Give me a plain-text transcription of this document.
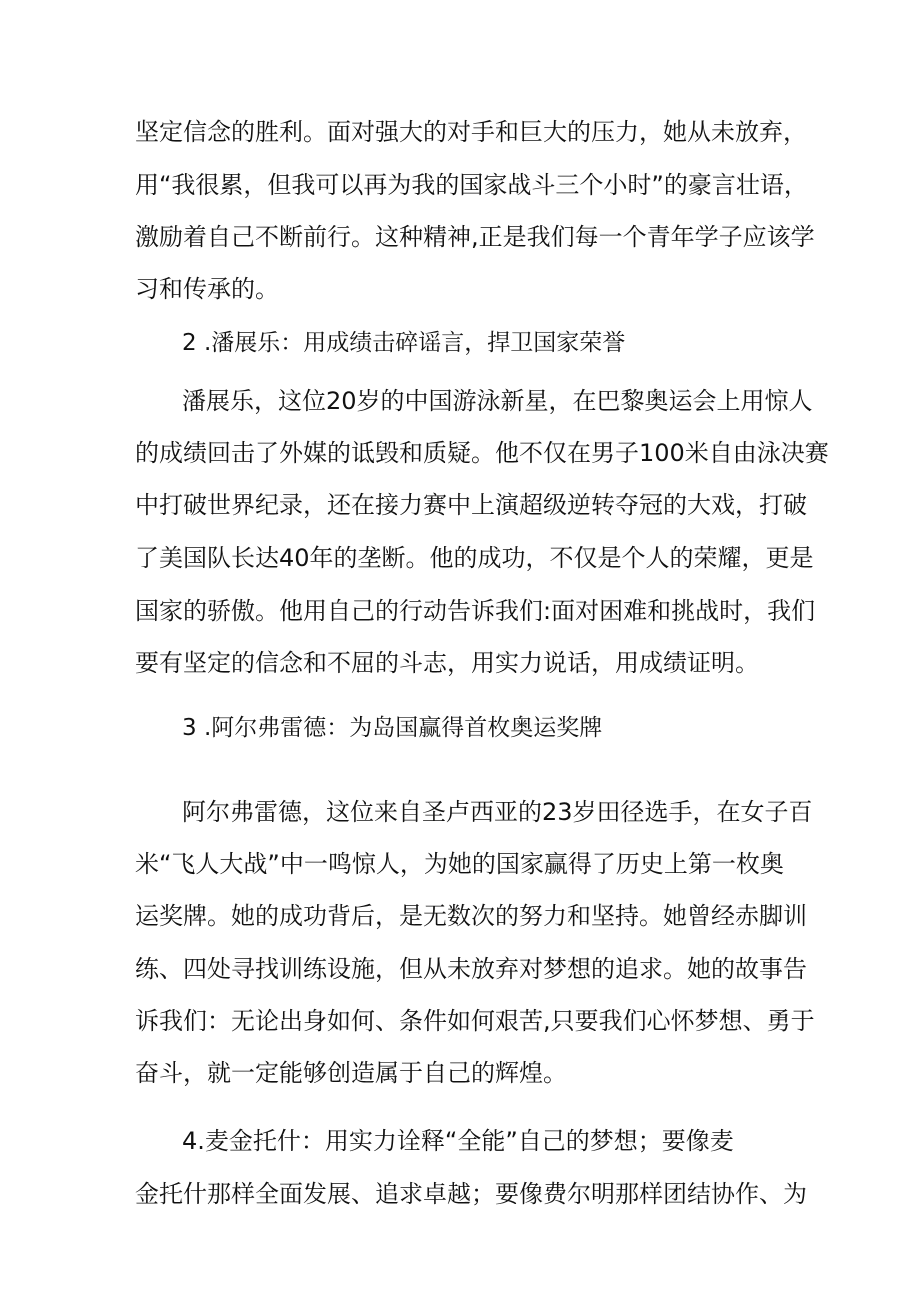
坚定信念的胜利。面对强大的对手和巨大的压力，她从未放弃，
用“我很累，但我可以再为我的国家战斗三个小时”的豪言壮语，
激励着自己不断前行。这种精神,正是我们每一个青年学子应该学
习和传承的。
2 .潘展乐：用成绩击碎谣言，捍卫国家荣誉
潘展乐，这位20岁的中国游泳新星，在巴黎奥运会上用惊人
的成绩回击了外媒的诋毁和质疑。他不仅在男子100米自由泳决赛
中打破世界纪录，还在接力赛中上演超级逆转夺冠的大戏，打破
了美国队长达40年的垄断。他的成功，不仅是个人的荣耀，更是
国家的骄傲。他用自己的行动告诉我们:面对困难和挑战时，我们
要有坚定的信念和不屈的斗志，用实力说话，用成绩证明。
3 .阿尔弗雷德：为岛国赢得首枚奥运奖牌
阿尔弗雷德，这位来自圣卢西亚的23岁田径选手，在女子百
米“飞人大战”中一鸣惊人，为她的国家赢得了历史上第一枚奥
运奖牌。她的成功背后，是无数次的努力和坚持。她曾经赤脚训
练、四处寻找训练设施，但从未放弃对梦想的追求。她的故事告
诉我们：无论出身如何、条件如何艰苦,只要我们心怀梦想、勇于
奋斗，就一定能够创造属于自己的辉煌。
4.麦金托什：用实力诠释“全能”自己的梦想；要像麦
金托什那样全面发展、追求卓越；要像费尔明那样团结协作、为
